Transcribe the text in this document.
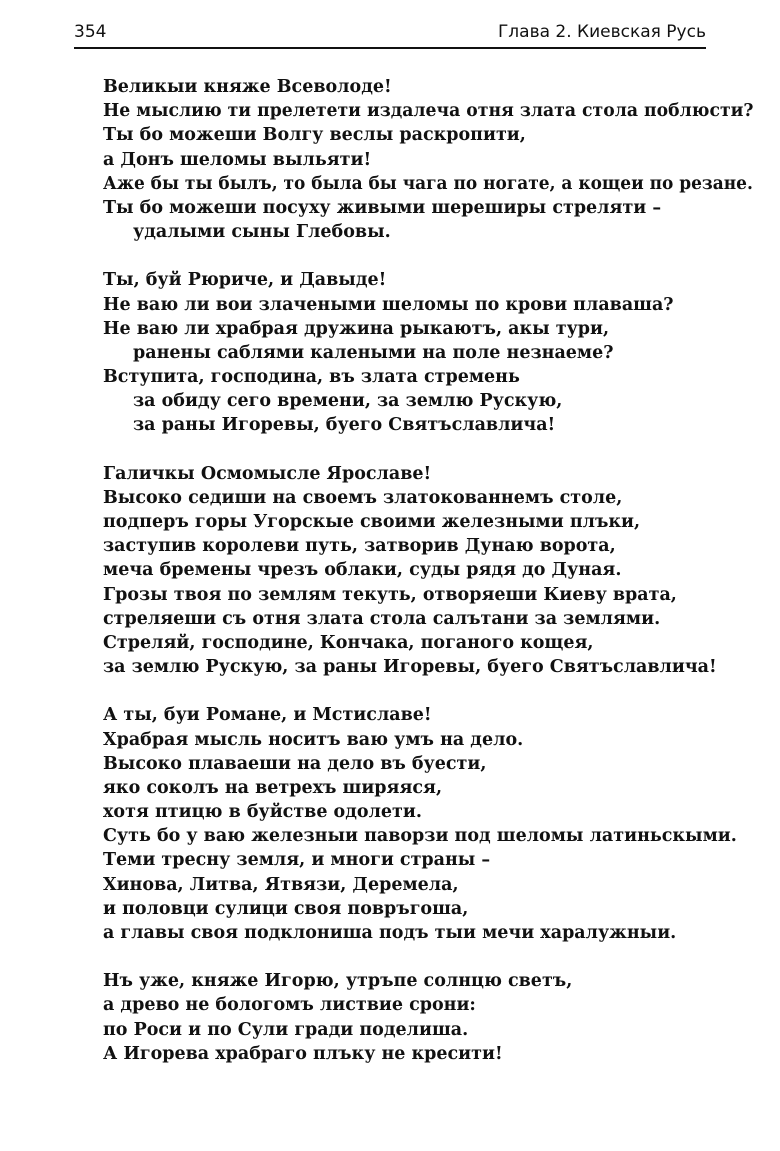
354	Глава 2. Киевская Русь
Великыи княже Всеволоде!
Не мыслию ти прелетети издалеча отня злата стола поблюсти?
Ты бо можеши Волгу веслы раскропити,
а Донъ шеломы выльяти!
Аже бы ты былъ, то была бы чага по ногате, а кощеи по резане.
Ты бо можеши посуху живыми шереширы стреляти –
удалыми сыны Глебовы.
Ты, буй Рюриче, и Давыде!
Не ваю ли вои злачеными шеломы по крови плаваша?
Не ваю ли храбрая дружина рыкаютъ, акы тури,
ранены саблями калеными на поле незнаеме?
Вступита, господина, въ злата стремень
за обиду сего времени, за землю Рускую,
за раны Игоревы, буего Святъславлича!
Галичкы Осмомысле Ярославе!
Высоко седиши на своемъ златокованнемъ столе,
подперъ горы Угорскые своими железными плъки,
заступив королеви путь, затворив Дунаю ворота,
меча бремены чрезъ облаки, суды рядя до Дуная.
Грозы твоя по землям текуть, отворяеши Киеву врата,
стреляеши съ отня злата стола салътани за землями.
Стреляй, господине, Кончака, поганого кощея,
за землю Рускую, за раны Игоревы, буего Святъславлича!
А ты, буи Романе, и Мстиславе!
Храбрая мысль носитъ ваю умъ на дело.
Высоко плаваеши на дело въ буести,
яко соколъ на ветрехъ ширяяся,
хотя птицю в буйстве одолети.
Суть бо у ваю железныи паворзи под шеломы латиньскыми.
Теми тресну земля, и многи страны –
Хинова, Литва, Ятвязи, Деремела,
и половци сулици своя повръгоша,
а главы своя подклониша подъ тыи мечи харалужныи.
Нъ уже, княже Игорю, утръпе солнцю светъ,
а древо не бологомъ листвие срони:
по Роси и по Сули гради поделиша.
А Игорева храбраго плъку не кресити!
